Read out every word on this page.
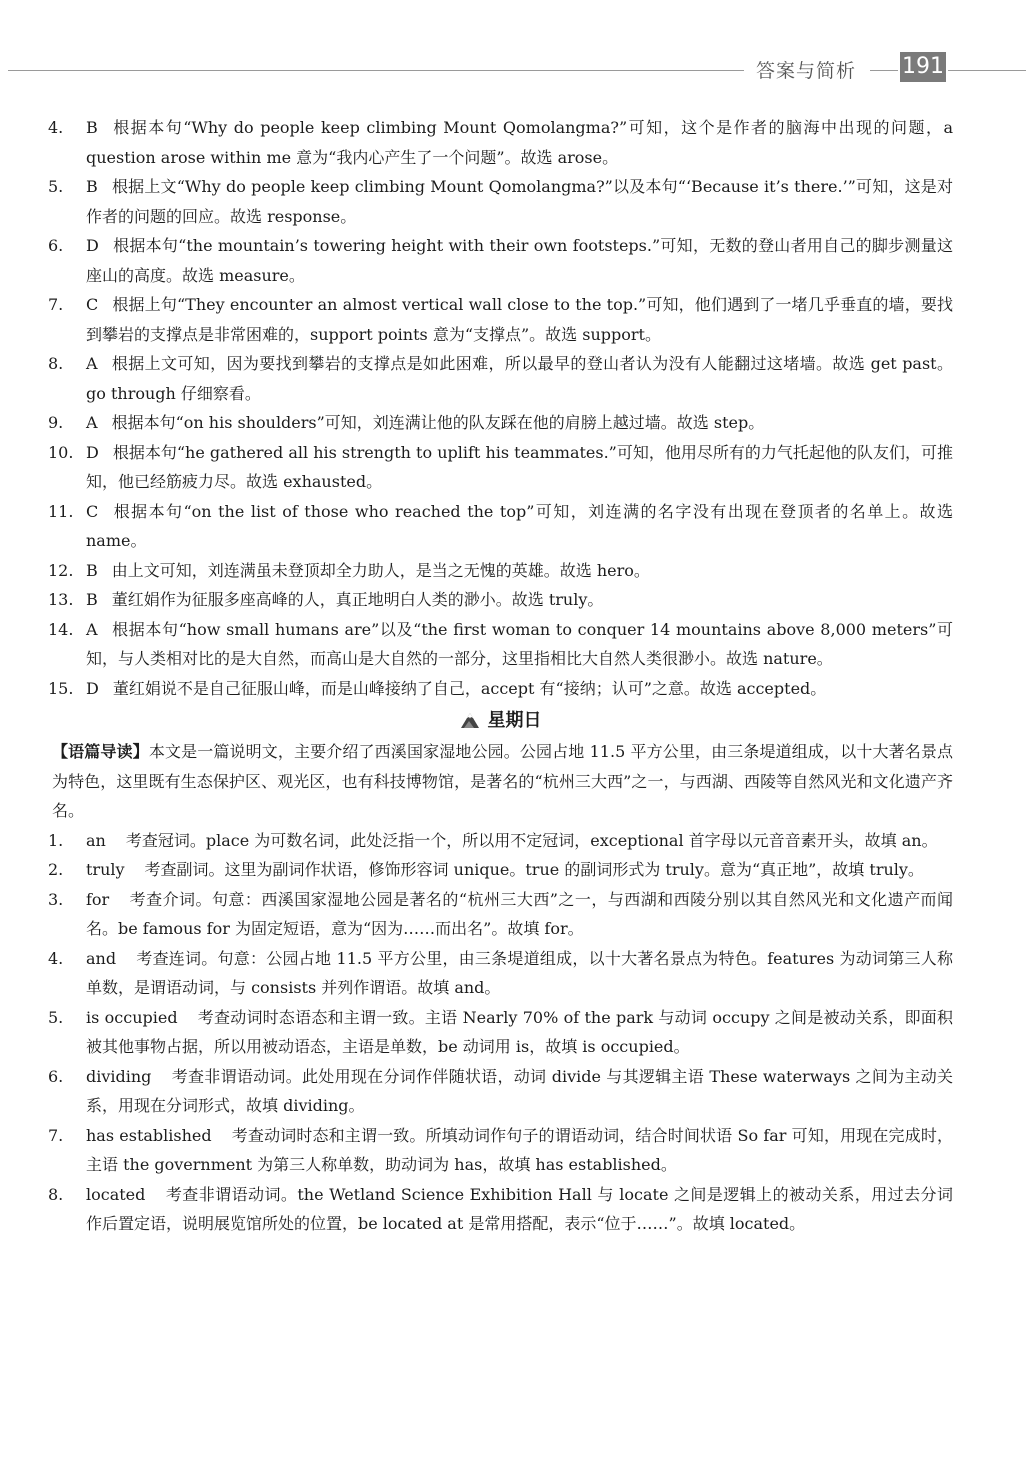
答案与简析 191
4.	B 根据本句“Why do people keep climbing Mount Qomolangma?”可知，这个是作者的脑海中出现的问题，a question arose within me 意为“我内心产生了一个问题”。故选 arose。
5.	B 根据上文“Why do people keep climbing Mount Qomolangma?”以及本句“‘Because it’s there.’”可知，这是对作者的问题的回应。故选 response。
6.	D 根据本句“the mountain’s towering height with their own footsteps.”可知，无数的登山者用自己的脚步测量这座山的高度。故选 measure。
7.	C 根据上句“They encounter an almost vertical wall close to the top.”可知，他们遇到了一堵几乎垂直的墙，要找到攀岩的支撑点是非常困难的，support points 意为“支撑点”。故选 support。
8.	A 根据上文可知，因为要找到攀岩的支撑点是如此困难，所以最早的登山者认为没有人能翻过这堵墙。故选 get past。go through 仔细察看。
9.	A 根据本句“on his shoulders”可知，刘连满让他的队友踩在他的肩膀上越过墙。故选 step。
10. D 根据本句“he gathered all his strength to uplift his teammates.”可知，他用尽所有的力气托起他的队友们，可推知，他已经筋疲力尽。故选 exhausted。
11. C 根据本句“on the list of those who reached the top”可知，刘连满的名字没有出现在登顶者的名单上。故选 name。
12. B 由上文可知，刘连满虽未登顶却全力助人，是当之无愧的英雄。故选 hero。
13. B 董红娟作为征服多座高峰的人，真正地明白人类的渺小。故选 truly。
14. A 根据本句“how small humans are”以及“the first woman to conquer 14 mountains above 8,000 meters”可知，与人类相对比的是大自然，而高山是大自然的一部分，这里指相比大自然人类很渺小。故选 nature。
15. D 董红娟说不是自己征服山峰，而是山峰接纳了自己，accept 有“接纳；认可”之意。故选 accepted。
星期日
【语篇导读】本文是一篇说明文，主要介绍了西溪国家湿地公园。公园占地 11.5 平方公里，由三条堤道组成，以十大著名景点为特色，这里既有生态保护区、观光区，也有科技博物馆，是著名的“杭州三大西”之一，与西湖、西陵等自然风光和文化遗产齐名。
1.	an 考查冠词。place 为可数名词，此处泛指一个，所以用不定冠词，exceptional 首字母以元音音素开头，故填 an。
2.	truly 考查副词。这里为副词作状语，修饰形容词 unique。true 的副词形式为 truly。意为“真正地”，故填 truly。
3.	for 考查介词。句意：西溪国家湿地公园是著名的“杭州三大西”之一，与西湖和西陵分别以其自然风光和文化遗产而闻名。be famous for 为固定短语，意为“因为……而出名”。故填 for。
4.	and 考查连词。句意：公园占地 11.5 平方公里，由三条堤道组成，以十大著名景点为特色。features 为动词第三人称单数，是谓语动词，与 consists 并列作谓语。故填 and。
5.	is occupied 考查动词时态语态和主谓一致。主语 Nearly 70% of the park 与动词 occupy 之间是被动关系，即面积被其他事物占据，所以用被动语态，主语是单数，be 动词用 is，故填 is occupied。
6.	dividing 考查非谓语动词。此处用现在分词作伴随状语，动词 divide 与其逻辑主语 These waterways 之间为主动关系，用现在分词形式，故填 dividing。
7.	has established 考查动词时态和主谓一致。所填动词作句子的谓语动词，结合时间状语 So far 可知，用现在完成时，主语 the government 为第三人称单数，助动词为 has，故填 has established。
8.	located 考查非谓语动词。the Wetland Science Exhibition Hall 与 locate 之间是逻辑上的被动关系，用过去分词作后置定语，说明展览馆所处的位置，be located at 是常用搭配，表示“位于……”。故填 located。
